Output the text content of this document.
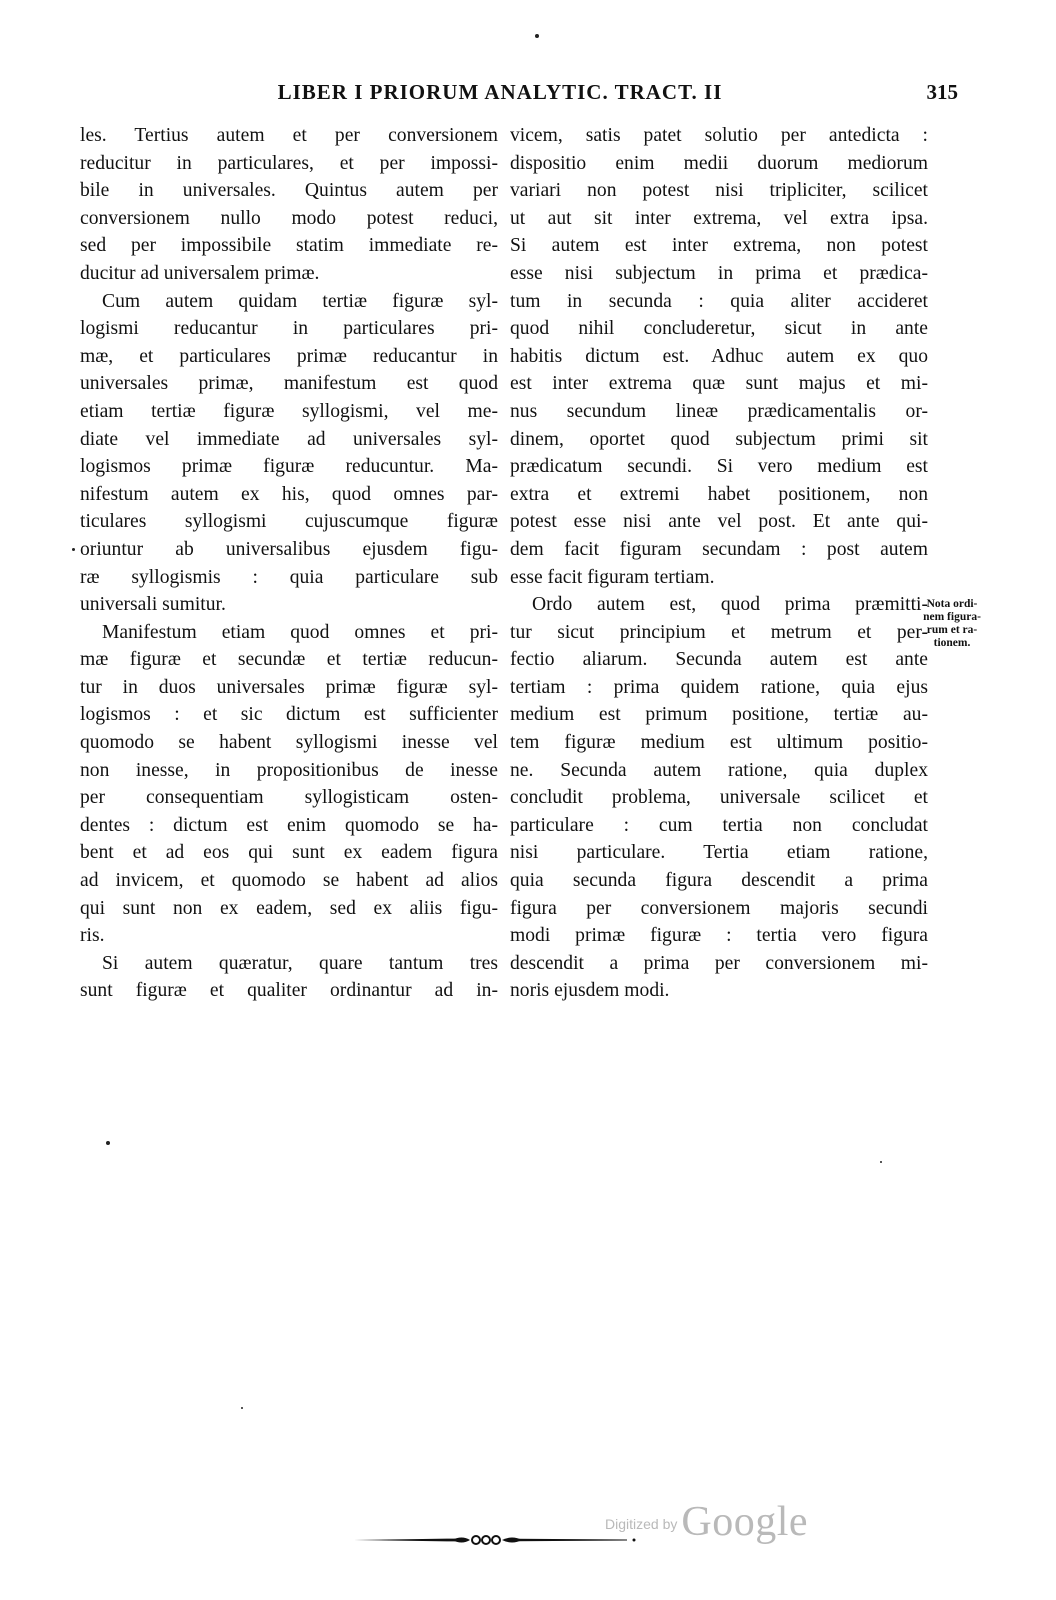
LIBER I PRIORUM ANALYTIC. TRACT. II	315
les. Tertius autem et per conversionem
reducitur in particulares, et per impossi-
bile in universales. Quintus autem per
conversionem nullo modo potest reduci,
sed per impossibile statim immediate re-
ducitur ad universalem primæ.
Cum autem quidam tertiæ figuræ syl-
logismi reducantur in particulares pri-
mæ, et particulares primæ reducantur in
universales primæ, manifestum est quod
etiam tertiæ figuræ syllogismi, vel me-
diate vel immediate ad universales syl-
logismos primæ figuræ reducuntur. Ma-
nifestum autem ex his, quod omnes par-
ticulares syllogismi cujuscumque figuræ
oriuntur ab universalibus ejusdem figu-
ræ syllogismis : quia particulare sub
universali sumitur.
Manifestum etiam quod omnes et pri-
mæ figuræ et secundæ et tertiæ reducun-
tur in duos universales primæ figuræ syl-
logismos : et sic dictum est sufficienter
quomodo se habent syllogismi inesse vel
non inesse, in propositionibus de inesse
per consequentiam syllogisticam osten-
dentes : dictum est enim quomodo se ha-
bent et ad eos qui sunt ex eadem figura
ad invicem, et quomodo se habent ad alios
qui sunt non ex eadem, sed ex aliis figu-
ris.
Si autem quæratur, quare tantum tres
sunt figuræ et qualiter ordinantur ad in-
vicem, satis patet solutio per antedicta :
dispositio enim medii duorum mediorum
variari non potest nisi tripliciter, scilicet
ut aut sit inter extrema, vel extra ipsa.
Si autem est inter extrema, non potest
esse nisi subjectum in prima et prædica-
tum in secunda : quia aliter accideret
quod nihil concluderetur, sicut in ante
habitis dictum est. Adhuc autem ex quo
est inter extrema quæ sunt majus et mi-
nus secundum lineæ prædicamentalis or-
dinem, oportet quod subjectum primi sit
prædicatum secundi. Si vero medium est
extra et extremi habet positionem, non
potest esse nisi ante vel post. Et ante qui-
dem facit figuram secundam : post autem
esse facit figuram tertiam.
Ordo autem est, quod prima præmitti-
tur sicut principium et metrum et per-
fectio aliarum. Secunda autem est ante
tertiam : prima quidem ratione, quia ejus
medium est primum positione, tertiæ au-
tem figuræ medium est ultimum positio-
ne. Secunda autem ratione, quia duplex
concludit problema, universale scilicet et
particulare : cum tertia non concludat
nisi particulare. Tertia etiam ratione,
quia secunda figura descendit a prima
figura per conversionem majoris secundi
modi primæ figuræ : tertia vero figura
descendit a prima per conversionem mi-
noris ejusdem modi.
Nota ordi-
nem figura-
rum et ra-
tionem.
Digitized by Google
